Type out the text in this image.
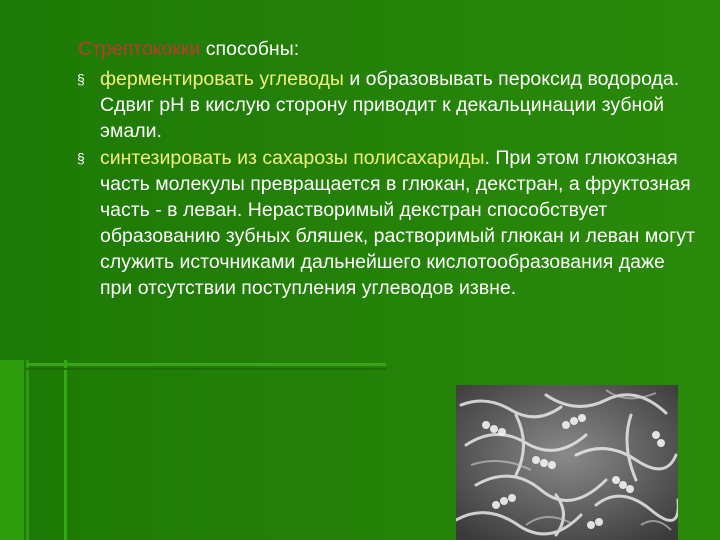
Стрептококки способны:

§ ферментировать углеводы и образовывать пероксид водорода. Сдвиг рН в кислую сторону приводит к декальцинации зубной эмали.

§ синтезировать из сахарозы полисахариды. При этом глюкозная часть молекулы превращается в глюкан, декстран, а фруктозная часть - в леван. Нерастворимый декстран способствует образованию зубных бляшек, растворимый глюкан и леван могут служить источниками дальнейшего кислотообразования даже при отсутствии поступления углеводов извне.
